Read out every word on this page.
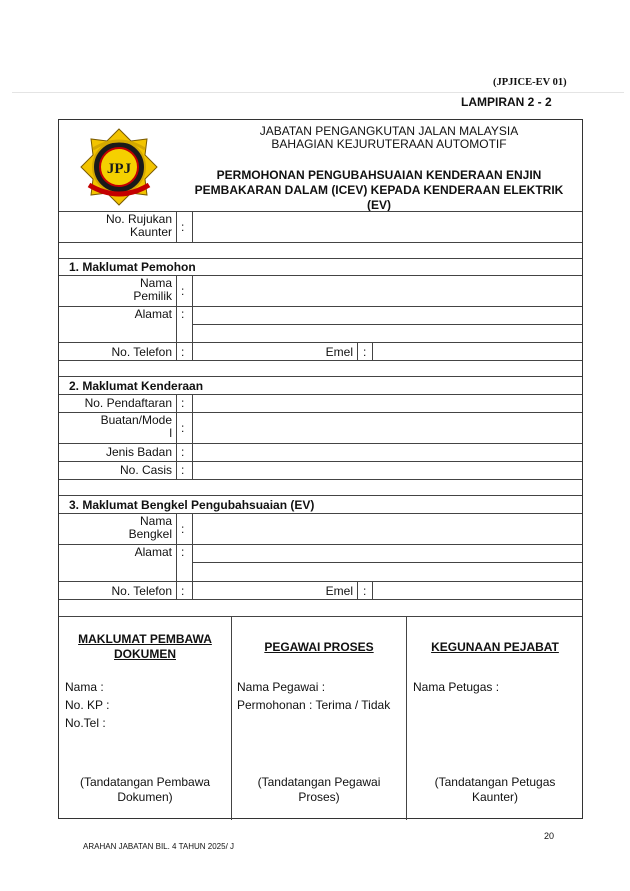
(JPJICE-EV 01)
LAMPIRAN 2 - 2
JPJ
JABATAN PENGANGKUTAN JALAN MALAYSIA
BAHAGIAN KEJURUTERAAN AUTOMOTIF
PERMOHONAN PENGUBAHSUAIAN KENDERAAN ENJIN
PEMBAKARAN DALAM (ICEV) KEPADA KENDERAAN ELEKTRIK
(EV)
No. Rujukan
Kaunter :
1. Maklumat Pemohon
Nama
Pemilik :
Alamat :
No. Telefon :	Emel :
2. Maklumat Kenderaan
No. Pendaftaran :
Buatan/Mode
l :
Jenis Badan :
No. Casis :
3. Maklumat Bengkel Pengubahsuaian (EV)
Nama
Bengkel :
Alamat :
No. Telefon :	Emel :
MAKLUMAT PEMBAWA
DOKUMEN
Nama :
No. KP :
No.Tel :
(Tandatangan Pembawa
Dokumen)
PEGAWAI PROSES
Nama Pegawai :
Permohonan : Terima / Tidak
(Tandatangan Pegawai
Proses)
KEGUNAAN PEJABAT
Nama Petugas :
(Tandatangan Petugas
Kaunter)
20
ARAHAN JABATAN BIL. 4 TAHUN 2025/ J
